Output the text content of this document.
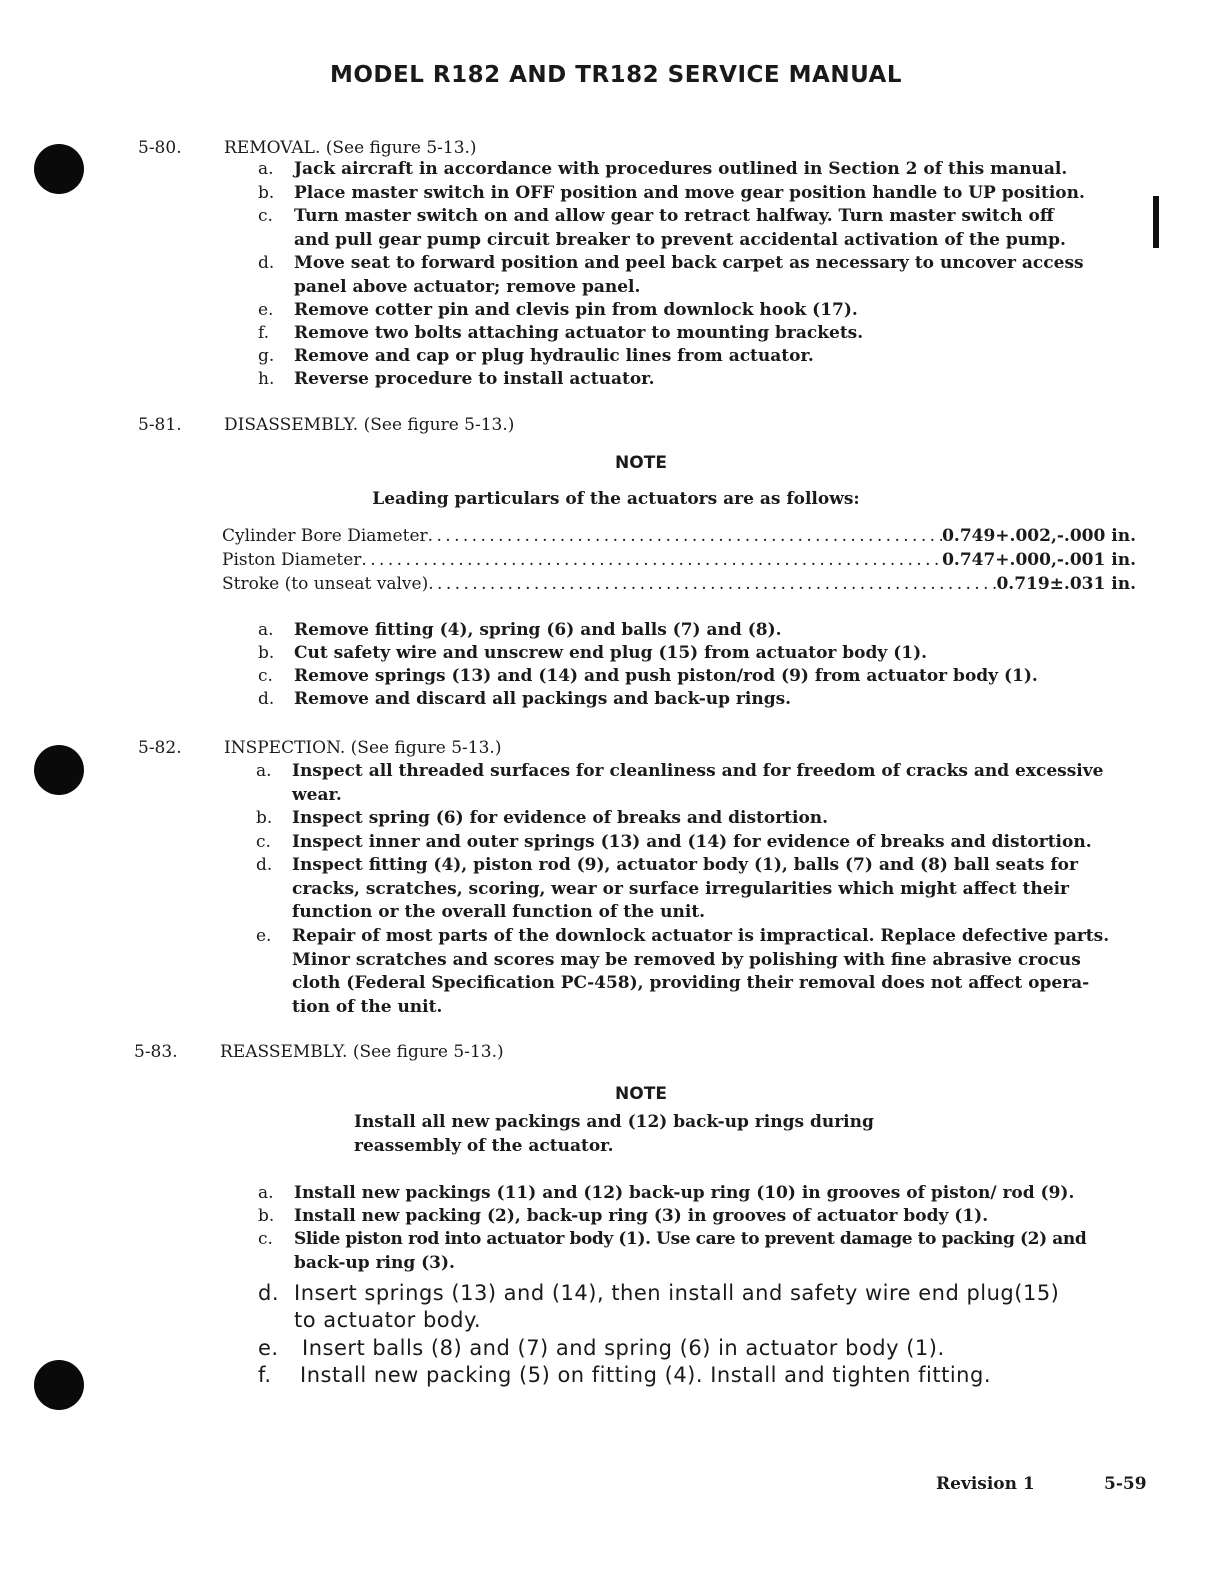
MODEL R182 AND TR182 SERVICE MANUAL
5-80.	REMOVAL. (See figure 5-13.)
a. Jack aircraft in accordance with procedures outlined in Section 2 of this manual.
b. Place master switch in OFF position and move gear position handle to UP position.
c. Turn master switch on and allow gear to retract halfway. Turn master switch off
and pull gear pump circuit breaker to prevent accidental activation of the pump.
d. Move seat to forward position and peel back carpet as necessary to uncover access
panel above actuator; remove panel.
e. Remove cotter pin and clevis pin from downlock hook (17).
f. Remove two bolts attaching actuator to mounting brackets.
g. Remove and cap or plug hydraulic lines from actuator.
h. Reverse procedure to install actuator.
5-81.	DISASSEMBLY. (See figure 5-13.)
NOTE
Leading particulars of the actuators are as follows:
Cylinder Bore Diameter . . .	0.749+.002,-.000 in.
Piston Diameter . . .	0.747+.000,-.001 in.
Stroke (to unseat valve) . . .	0.719±.031 in.
a. Remove fitting (4), spring (6) and balls (7) and (8).
b. Cut safety wire and unscrew end plug (15) from actuator body (1).
c. Remove springs (13) and (14) and push piston/rod (9) from actuator body (1).
d. Remove and discard all packings and back-up rings.
5-82.	INSPECTION. (See figure 5-13.)
a. Inspect all threaded surfaces for cleanliness and for freedom of cracks and excessive
wear.
b. Inspect spring (6) for evidence of breaks and distortion.
c. Inspect inner and outer springs (13) and (14) for evidence of breaks and distortion.
d. Inspect fitting (4), piston rod (9), actuator body (1), balls (7) and (8) ball seats for
cracks, scratches, scoring, wear or surface irregularities which might affect their
function or the overall function of the unit.
e. Repair of most parts of the downlock actuator is impractical. Replace defective parts.
Minor scratches and scores may be removed by polishing with fine abrasive crocus
cloth (Federal Specification PC-458), providing their removal does not affect opera-
tion of the unit.
5-83.	REASSEMBLY. (See figure 5-13.)
NOTE
Install all new packings and (12) back-up rings during
reassembly of the actuator.
a. Install new packings (11) and (12) back-up ring (10) in grooves of piston/ rod (9).
b. Install new packing (2), back-up ring (3) in grooves of actuator body (1).
c. Slide piston rod into actuator body (1). Use care to prevent damage to packing (2) and
back-up ring (3).
d. Insert springs (13) and (14), then install and safety wire end plug(15)
to actuator body.
e. Insert balls (8) and (7) and spring (6) in actuator body (1).
f. Install new packing (5) on fitting (4). Install and tighten fitting.
Revision 1	5-59
